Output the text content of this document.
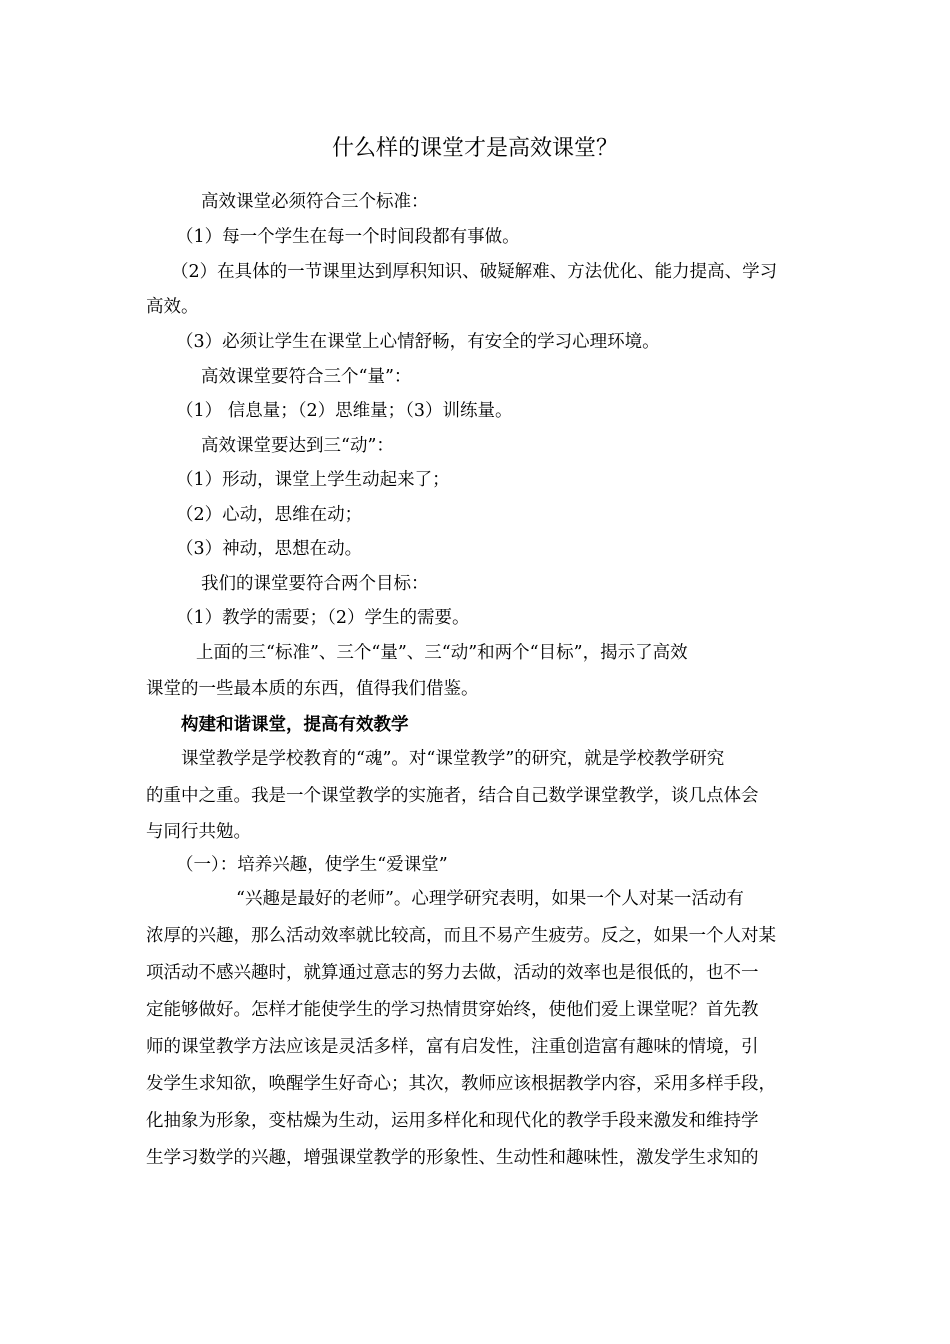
什么样的课堂才是高效课堂？

高效课堂必须符合三个标准：

（1）每一个学生在每一个时间段都有事做。

（2）在具体的一节课里达到厚积知识、破疑解难、方法优化、能力提高、学习

高效。

（3）必须让学生在课堂上心情舒畅，有安全的学习心理环境。

高效课堂要符合三个“量”：

（1） 信息量；（2）思维量；（3）训练量。

高效课堂要达到三“动”：

（1）形动，课堂上学生动起来了；

（2）心动，思维在动；

（3）神动，思想在动。

我们的课堂要符合两个目标：

（1）教学的需要；（2）学生的需要。

上面的三“标准”、三个“量”、三“动”和两个“目标”，揭示了高效

课堂的一些最本质的东西，值得我们借鉴。

构建和谐课堂，提高有效教学

课堂教学是学校教育的“魂”。对“课堂教学”的研究，就是学校教学研究

的重中之重。我是一个课堂教学的实施者，结合自己数学课堂教学，谈几点体会

与同行共勉。

（一）：培养兴趣，使学生“爱课堂”

“兴趣是最好的老师”。心理学研究表明，如果一个人对某一活动有

浓厚的兴趣，那么活动效率就比较高，而且不易产生疲劳。反之，如果一个人对某

项活动不感兴趣时，就算通过意志的努力去做，活动的效率也是很低的，也不一

定能够做好。怎样才能使学生的学习热情贯穿始终，使他们爱上课堂呢？首先教

师的课堂教学方法应该是灵活多样，富有启发性，注重创造富有趣味的情境，引

发学生求知欲，唤醒学生好奇心；其次，教师应该根据教学内容，采用多样手段，

化抽象为形象，变枯燥为生动，运用多样化和现代化的教学手段来激发和维持学

生学习数学的兴趣，增强课堂教学的形象性、生动性和趣味性，激发学生求知的
